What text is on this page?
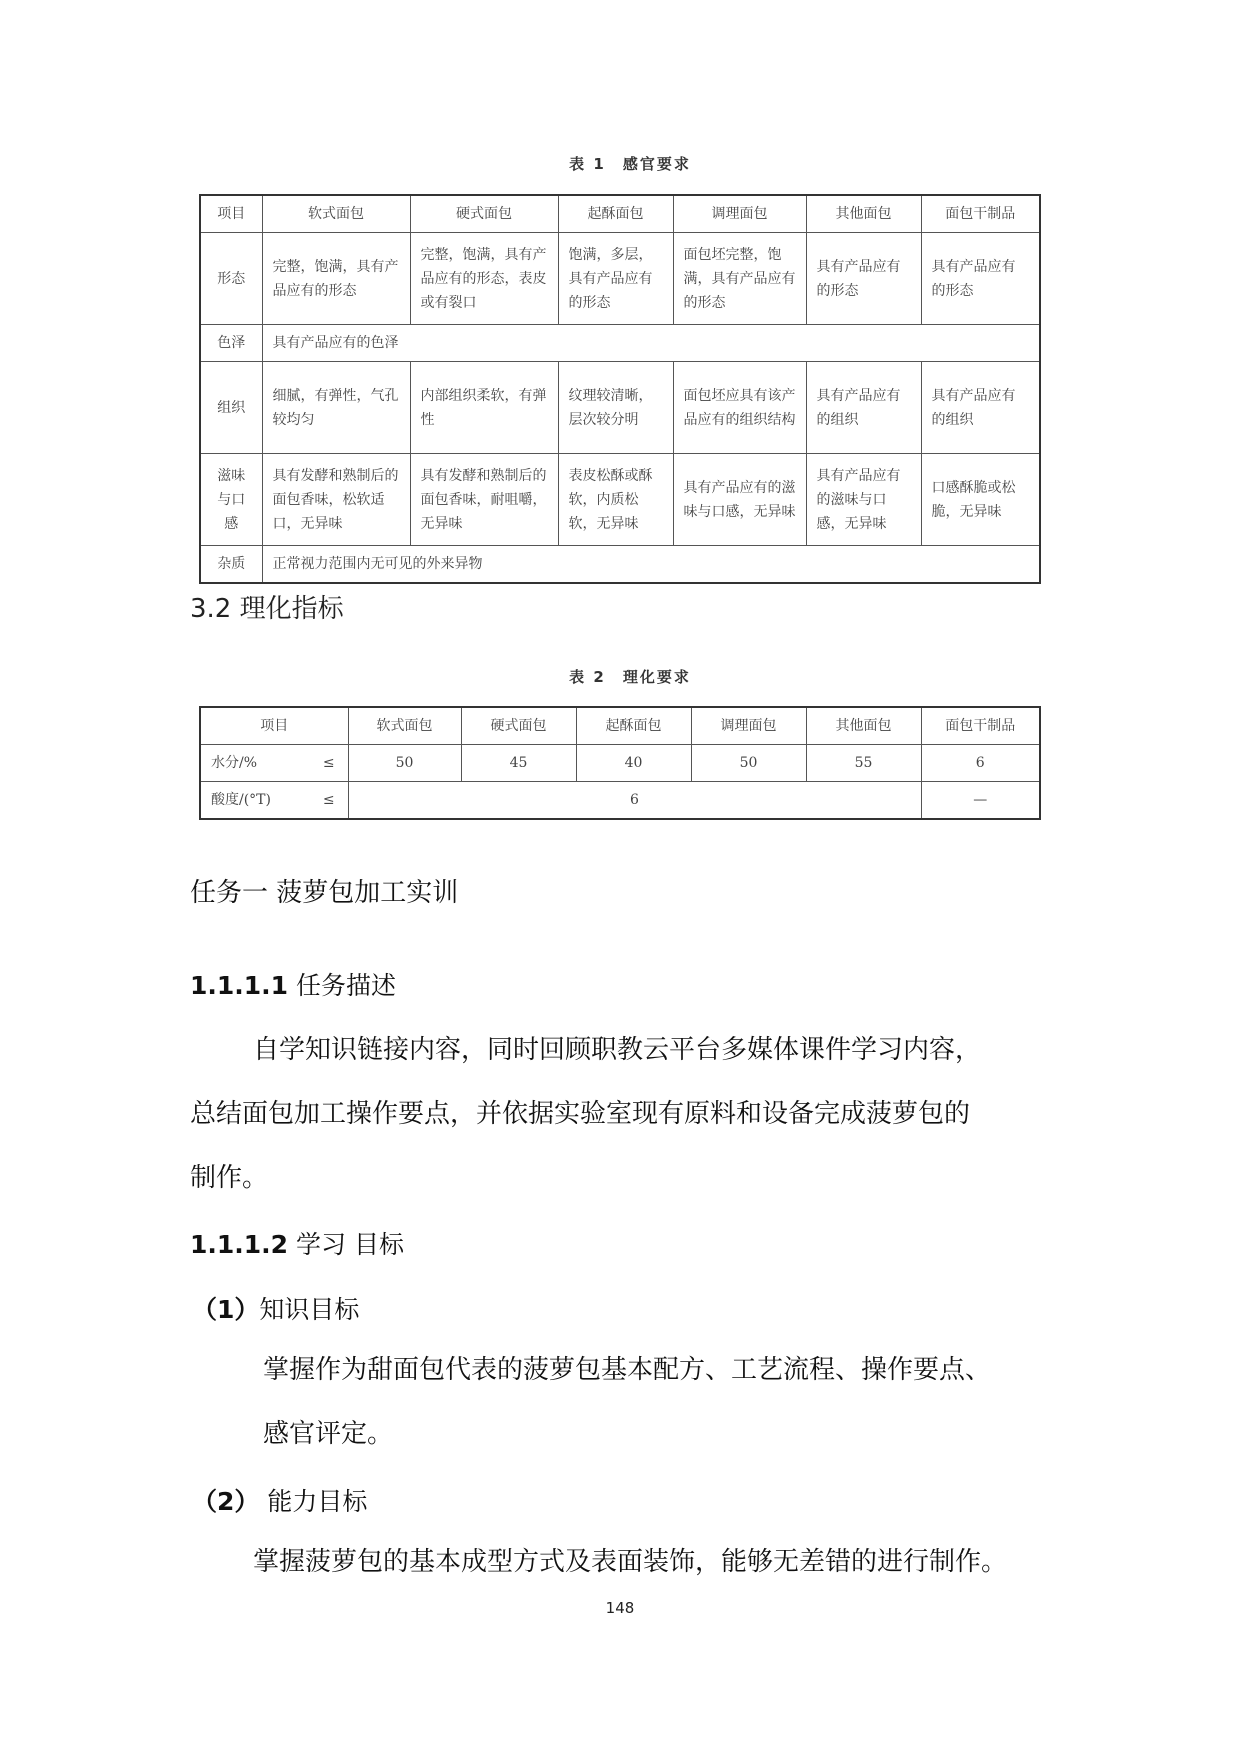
表 1　感官要求
项目	软式面包	硬式面包	起酥面包	调理面包	其他面包	面包干制品
形态	完整，饱满，具有产品应有的形态	完整，饱满，具有产品应有的形态，表皮或有裂口	饱满，多层，具有产品应有的形态	面包坯完整，饱满，具有产品应有的形态	具有产品应有的形态	具有产品应有的形态
色泽	具有产品应有的色泽					
组织	细腻，有弹性，气孔较均匀	内部组织柔软，有弹性	纹理较清晰，层次较分明	面包坯应具有该产品应有的组织结构	具有产品应有的组织	具有产品应有的组织
滋味与口感	具有发酵和熟制后的面包香味，松软适口，无异味	具有发酵和熟制后的面包香味，耐咀嚼，无异味	表皮松酥或酥软，内质松软，无异味	具有产品应有的滋味与口感，无异味	具有产品应有的滋味与口感，无异味	口感酥脆或松脆，无异味
杂质	正常视力范围内无可见的外来异物					
3.2 理化指标
表 2　理化要求
项目		软式面包	硬式面包	起酥面包	调理面包	其他面包	面包干制品
水分/%	≤	50	45	40	50	55	6
酸度/(°T)	≤	6					—
任务一 菠萝包加工实训
1.1.1.1 任务描述
自学知识链接内容，同时回顾职教云平台多媒体课件学习内容，
总结面包加工操作要点，并依据实验室现有原料和设备完成菠萝包的
制作。
1.1.1.2 学习 目标
（1）知识目标
掌握作为甜面包代表的菠萝包基本配方、工艺流程、操作要点、
感官评定。
（2） 能力目标
掌握菠萝包的基本成型方式及表面装饰，能够无差错的进行制作。
148
